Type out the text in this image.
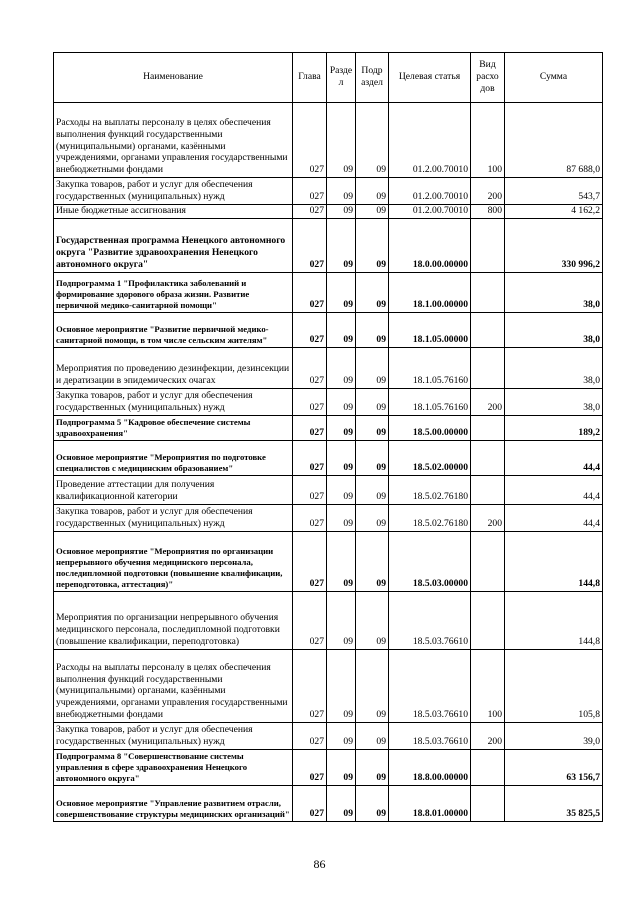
Наименование	Глава	Разде л	Подр аздел	Целевая статья	Вид расхо дов	Сумма
Расходы на выплаты персоналу в целях обеспечения выполнения функций государственными (муниципальными) органами, казёнными учреждениями, органами управления государственными внебюджетными фондами	027	09	09	01.2.00.70010	100	87 688,0
Закупка товаров, работ и услуг для обеспечения государственных (муниципальных) нужд	027	09	09	01.2.00.70010	200	543,7
Иные бюджетные ассигнования	027	09	09	01.2.00.70010	800	4 162,2
Государственная программа Ненецкого автономного округа "Развитие здравоохранения Ненецкого автономного округа"	027	09	09	18.0.00.00000		330 996,2
Подпрограмма 1 "Профилактика заболеваний и формирование здорового образа жизни. Развитие первичной медико-санитарной помощи"	027	09	09	18.1.00.00000		38,0
Основное мероприятие "Развитие первичной медико-санитарной помощи, в том числе сельским жителям"	027	09	09	18.1.05.00000		38,0
Мероприятия по проведению дезинфекции, дезинсекции и дератизации в эпидемических очагах	027	09	09	18.1.05.76160		38,0
Закупка товаров, работ и услуг для обеспечения государственных (муниципальных) нужд	027	09	09	18.1.05.76160	200	38,0
Подпрограмма 5 "Кадровое обеспечение системы здравоохранения"	027	09	09	18.5.00.00000		189,2
Основное мероприятие "Мероприятия по подготовке специалистов с медицинским образованием"	027	09	09	18.5.02.00000		44,4
Проведение аттестации для получения квалификационной категории	027	09	09	18.5.02.76180		44,4
Закупка товаров, работ и услуг для обеспечения государственных (муниципальных) нужд	027	09	09	18.5.02.76180	200	44,4
Основное мероприятие "Мероприятия по организации непрерывного обучения медицинского персонала, последипломной подготовки (повышение квалификации, переподготовка, аттестация)"	027	09	09	18.5.03.00000		144,8
Мероприятия по организации непрерывного обучения медицинского персонала, последипломной подготовки (повышение квалификации, переподготовка)	027	09	09	18.5.03.76610		144,8
Расходы на выплаты персоналу в целях обеспечения выполнения функций государственными (муниципальными) органами, казёнными учреждениями, органами управления государственными внебюджетными фондами	027	09	09	18.5.03.76610	100	105,8
Закупка товаров, работ и услуг для обеспечения государственных (муниципальных) нужд	027	09	09	18.5.03.76610	200	39,0
Подпрограмма 8 "Совершенствование системы управления в сфере здравоохранения Ненецкого автономного округа"	027	09	09	18.8.00.00000		63 156,7
Основное мероприятие "Управление развитием отрасли, совершенствование структуры медицинских организаций"	027	09	09	18.8.01.00000		35 825,5
86
